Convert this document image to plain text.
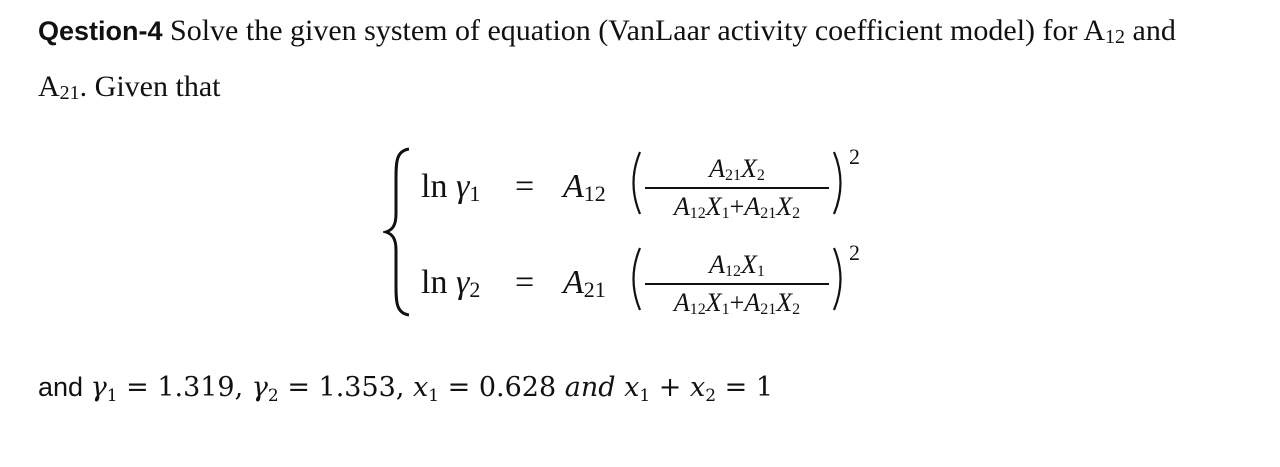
Qestion-4 Solve the given system of equation (VanLaar activity coefficient model) for A12 and
A21. Given that
ln γ1 = A12
A21X2
A12X1+A21X2
2
ln γ2 = A21
A12X1
A12X1+A21X2
2
and γ1 = 1.319, γ2 = 1.353, x1 = 0.628 and x1 + x2 = 1
